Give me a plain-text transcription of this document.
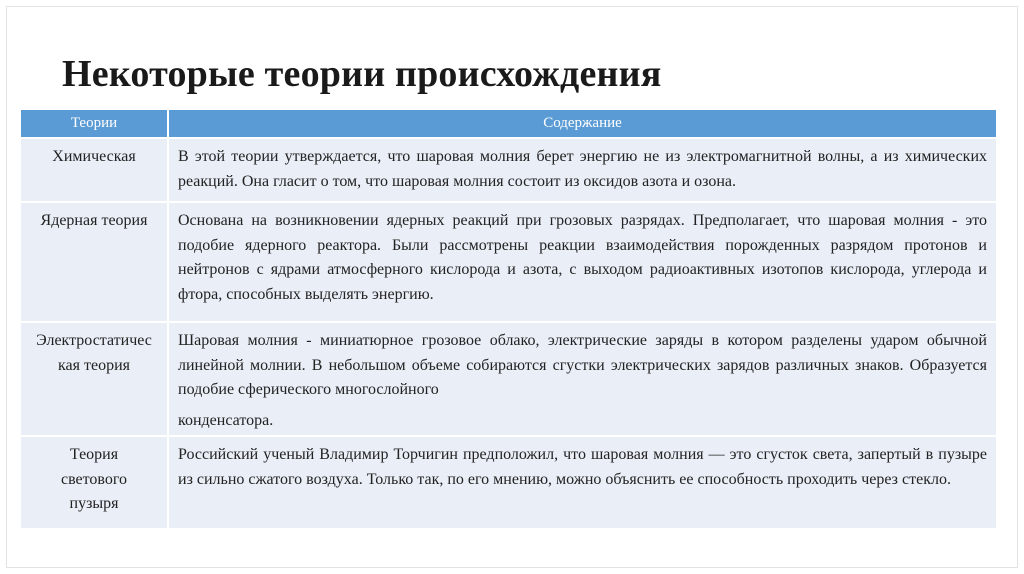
Некоторые теории происхождения
Теории	Содержание
Химическая	В этой теории утверждается, что шаровая молния берет энергию не из электромагнитной волны, а из химических реакций. Она гласит о том, что шаровая молния состоит из оксидов азота и озона.
Ядерная теория	Основана на возникновении ядерных реакций при грозовых разрядах. Предполагает, что шаровая молния - это подобие ядерного реактора. Были рассмотрены реакции взаимодействия порожденных разрядом протонов и нейтронов с ядрами атмосферного кислорода и азота, с выходом радиоактивных изотопов кислорода, углерода и фтора, способных выделять энергию.

Электростатическая теория	Шаровая молния - миниатюрное грозовое облако, электрические заряды в котором разделены ударом обычной линейной молнии. В небольшом объеме собираются сгустки электрических зарядов различных знаков. Образуется подобие сферического многослойного
конденсатора.

Теория светового пузыря	Российский ученый Владимир Торчигин предположил, что шаровая молния — это сгусток света, запертый в пузыре из сильно сжатого воздуха. Только так, по его мнению, можно объяснить ее способность проходить через стекло.
